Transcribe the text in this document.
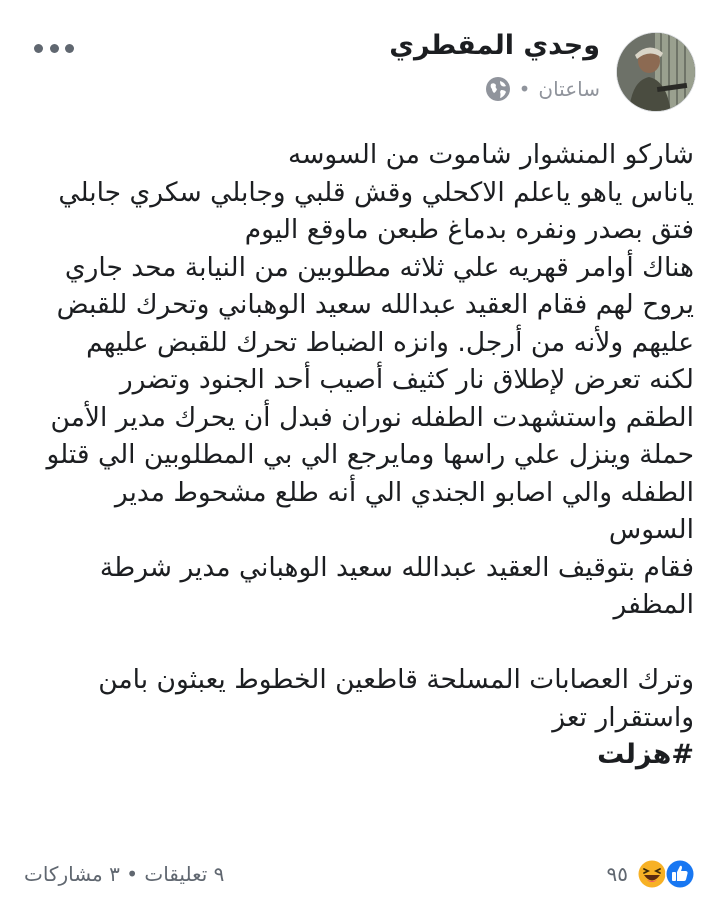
وجدي المقطري
ساعتان
•
شاركو المنشوار شاموت من السوسه
ياناس ياهو ياعلم الاكحلي وقش قلبي وجابلي سكري جابلي
فتق بصدر ونفره بدماغ طبعن ماوقع اليوم
هناك أوامر قهريه علي ثلاثه مطلوبين من النيابة محد جاري
يروح لهم فقام العقيد عبدالله سعيد الوهباني وتحرك للقبض
عليهم ولأنه من أرجل. وانزه الضباط تحرك للقبض عليهم
لكنه تعرض لإطلاق نار كثيف أصيب أحد الجنود وتضرر
الطقم واستشهدت الطفله نوران فبدل أن يحرك مدير الأمن
حملة وينزل علي راسها ومايرجع الي بي المطلوبين الي قتلو
الطفله والي اصابو الجندي الي أنه طلع مشحوط مدير
السوس
فقام بتوقيف العقيد عبدالله سعيد الوهباني مدير شرطة
المظفر
وترك العصابات المسلحة قاطعين الخطوط يعبثون بامن
واستقرار تعز
#هزلت
٩٥
٩ تعليقات • ٣ مشاركات
